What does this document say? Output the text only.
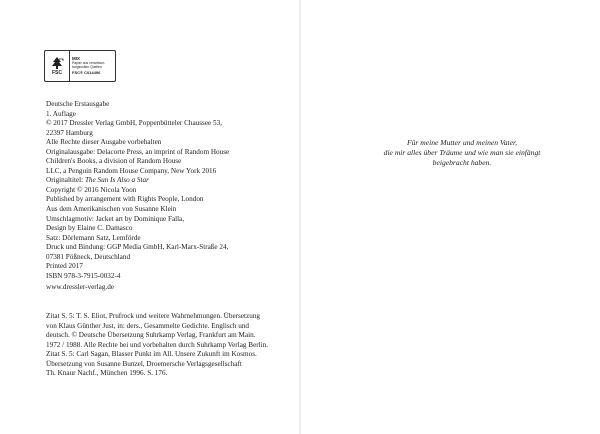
FSC
MIX
Papier aus verantwor-
tungsvollen Quellen
FSC® C014496
Deutsche Erstausgabe
1. Auflage
© 2017 Dressler Verlag GmbH, Poppenbütteler Chaussee 53,
22397 Hamburg
Alle Rechte dieser Ausgabe vorbehalten
Originalausgabe: Delacorte Press, an imprint of Random House
Children's Books, a division of Random House
LLC, a Penguin Random House Company, New York 2016
Originaltitel: The Sun Is Also a Star
Copyright © 2016 Nicola Yoon
Published by arrangement with Rights People, London
Aus dem Amerikanischen von Susanne Klein
Umschlagmotiv: Jacket art by Dominique Falla,
Design by Elaine C. Damasco
Satz: Dörlemann Satz, Lemförde
Druck und Bindung: GGP Media GmbH, Karl-Marx-Straße 24,
07381 Pößneck, Deutschland
Printed 2017
ISBN 978-3-7915-0032-4
www.dressler-verlag.de
Zitat S. 5: T. S. Eliot, Prufrock und weitere Wahrnehmungen. Übersetzung
von Klaus Günther Just, in: ders., Gesammelte Gedichte. Englisch und
deutsch. © Deutsche Übersetzung Suhrkamp Verlag, Frankfurt am Main.
1972 / 1988. Alle Rechte bei und vorbehalten durch Suhrkamp Verlag Berlin.
Zitat S. 5: Carl Sagan, Blasser Punkt im All. Unsere Zukunft im Kosmos.
Übersetzung von Susanne Bunzel, Droemersche Verlagsgesellschaft
Th. Knaur Nachf., München 1996. S. 176.
Für meine Mutter und meinen Vater,
die mir alles über Träume und wie man sie einfängt
beigebracht haben.
